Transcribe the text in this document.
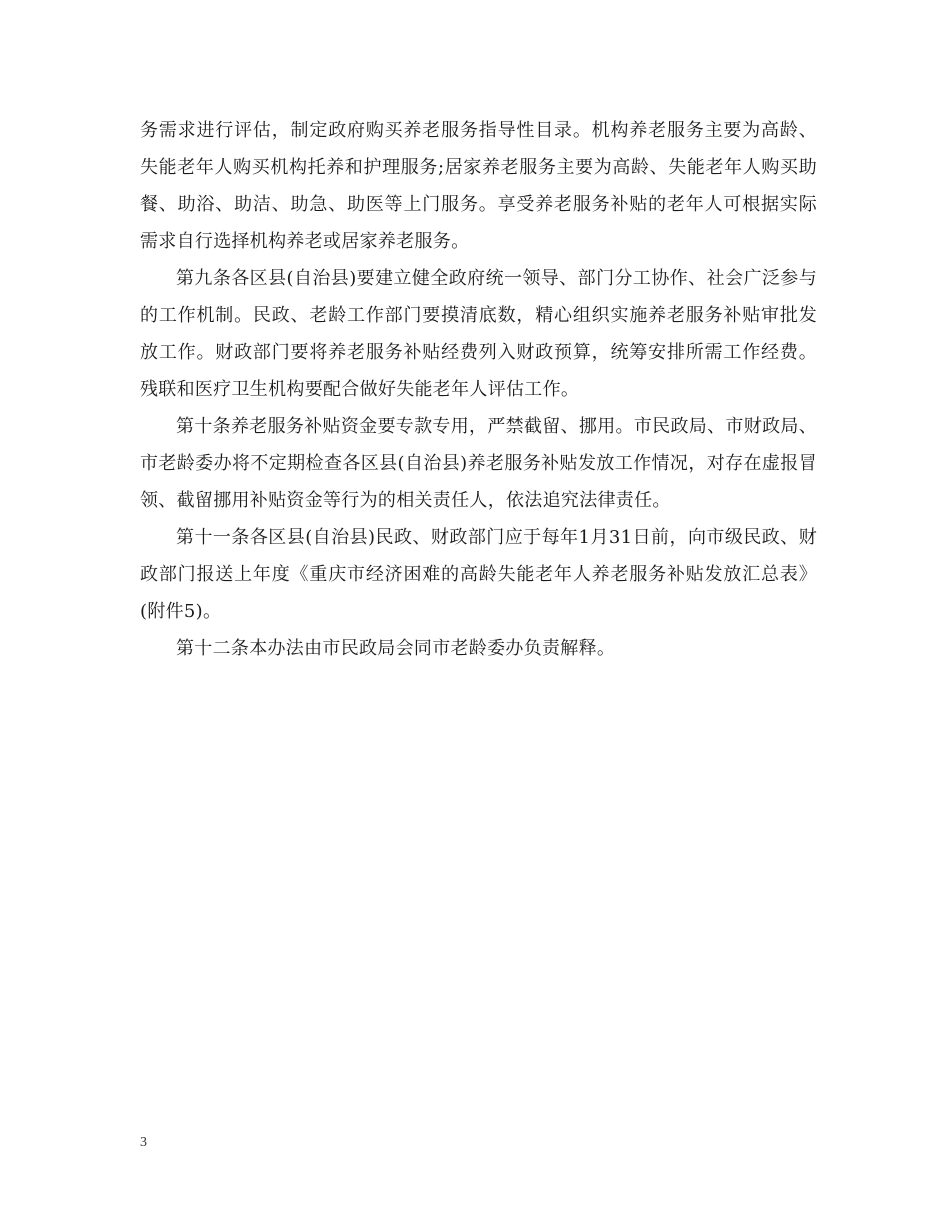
务需求进行评估，制定政府购买养老服务指导性目录。机构养老服务主要为高龄、失能老年人购买机构托养和护理服务;居家养老服务主要为高龄、失能老年人购买助餐、助浴、助洁、助急、助医等上门服务。享受养老服务补贴的老年人可根据实际需求自行选择机构养老或居家养老服务。

第九条各区县(自治县)要建立健全政府统一领导、部门分工协作、社会广泛参与的工作机制。民政、老龄工作部门要摸清底数，精心组织实施养老服务补贴审批发放工作。财政部门要将养老服务补贴经费列入财政预算，统筹安排所需工作经费。残联和医疗卫生机构要配合做好失能老年人评估工作。

第十条养老服务补贴资金要专款专用，严禁截留、挪用。市民政局、市财政局、市老龄委办将不定期检查各区县(自治县)养老服务补贴发放工作情况，对存在虚报冒领、截留挪用补贴资金等行为的相关责任人，依法追究法律责任。

第十一条各区县(自治县)民政、财政部门应于每年1月31日前，向市级民政、财政部门报送上年度《重庆市经济困难的高龄失能老年人养老服务补贴发放汇总表》(附件5)。

第十二条本办法由市民政局会同市老龄委办负责解释。

3
